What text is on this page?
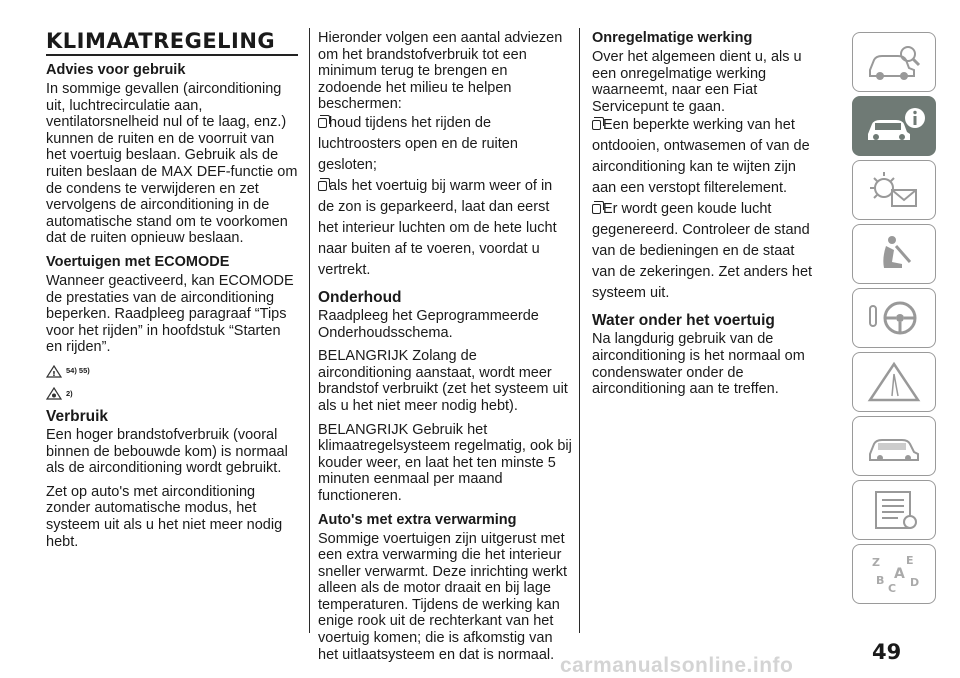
KLIMAATREGELING
Advies voor gebruik

In sommige gevallen (airconditioning uit, luchtrecirculatie aan, ventilatorsnelheid nul of te laag, enz.) kunnen de ruiten en de voorruit van het voertuig beslaan. Gebruik als de ruiten beslaan de MAX DEF-functie om de condens te verwijderen en zet vervolgens de airconditioning in de automatische stand om te voorkomen dat de ruiten opnieuw beslaan.

Voertuigen met ECOMODE

Wanneer geactiveerd, kan ECOMODE de prestaties van de airconditioning beperken. Raadpleeg paragraaf “Tips voor het rijden” in hoofdstuk “Starten en rijden”.

! 54) 55)
2)
Verbruik

Een hoger brandstofverbruik (vooral binnen de bebouwde kom) is normaal als de airconditioning wordt gebruikt.

Zet op auto's met airconditioning zonder automatische modus, het systeem uit als u het niet meer nodig hebt.

Hieronder volgen een aantal adviezen om het brandstofverbruik tot een minimum terug te brengen en zodoende het milieu te helpen beschermen:

houd tijdens het rijden de luchtroosters open en de ruiten gesloten;
als het voertuig bij warm weer of in de zon is geparkeerd, laat dan eerst het interieur luchten om de hete lucht naar buiten af te voeren, voordat u vertrekt.
Onderhoud

Raadpleeg het Geprogrammeerde Onderhoudsschema.

BELANGRIJK Zolang de airconditioning aanstaat, wordt meer brandstof verbruikt (zet het systeem uit als u het niet meer nodig hebt).

BELANGRIJK Gebruik het klimaatregelsysteem regelmatig, ook bij kouder weer, en laat het ten minste 5 minuten eenmaal per maand functioneren.

Auto's met extra verwarming

Sommige voertuigen zijn uitgerust met een extra verwarming die het interieur sneller verwarmt. Deze inrichting werkt alleen als de motor draait en bij lage temperaturen. Tijdens de werking kan enige rook uit de rechterkant van het voertuig komen; die is afkomstig van het uitlaatsysteem en dat is normaal.

Onregelmatige werking

Over het algemeen dient u, als u een onregelmatige werking waarneemt, naar een Fiat Servicepunt te gaan.

Een beperkte werking van het ontdooien, ontwasemen of van de airconditioning kan te wijten zijn aan een verstopt filterelement.
Er wordt geen koude lucht gegenereerd. Controleer de stand van de bedieningen en de staat van de zekeringen. Zet anders het systeem uit.
Water onder het voertuig

Na langdurig gebruik van de airconditioning is het normaal om condenswater onder de airconditioning aan te treffen.

Z E
B A
D
C
49
carmanualsonline.info
